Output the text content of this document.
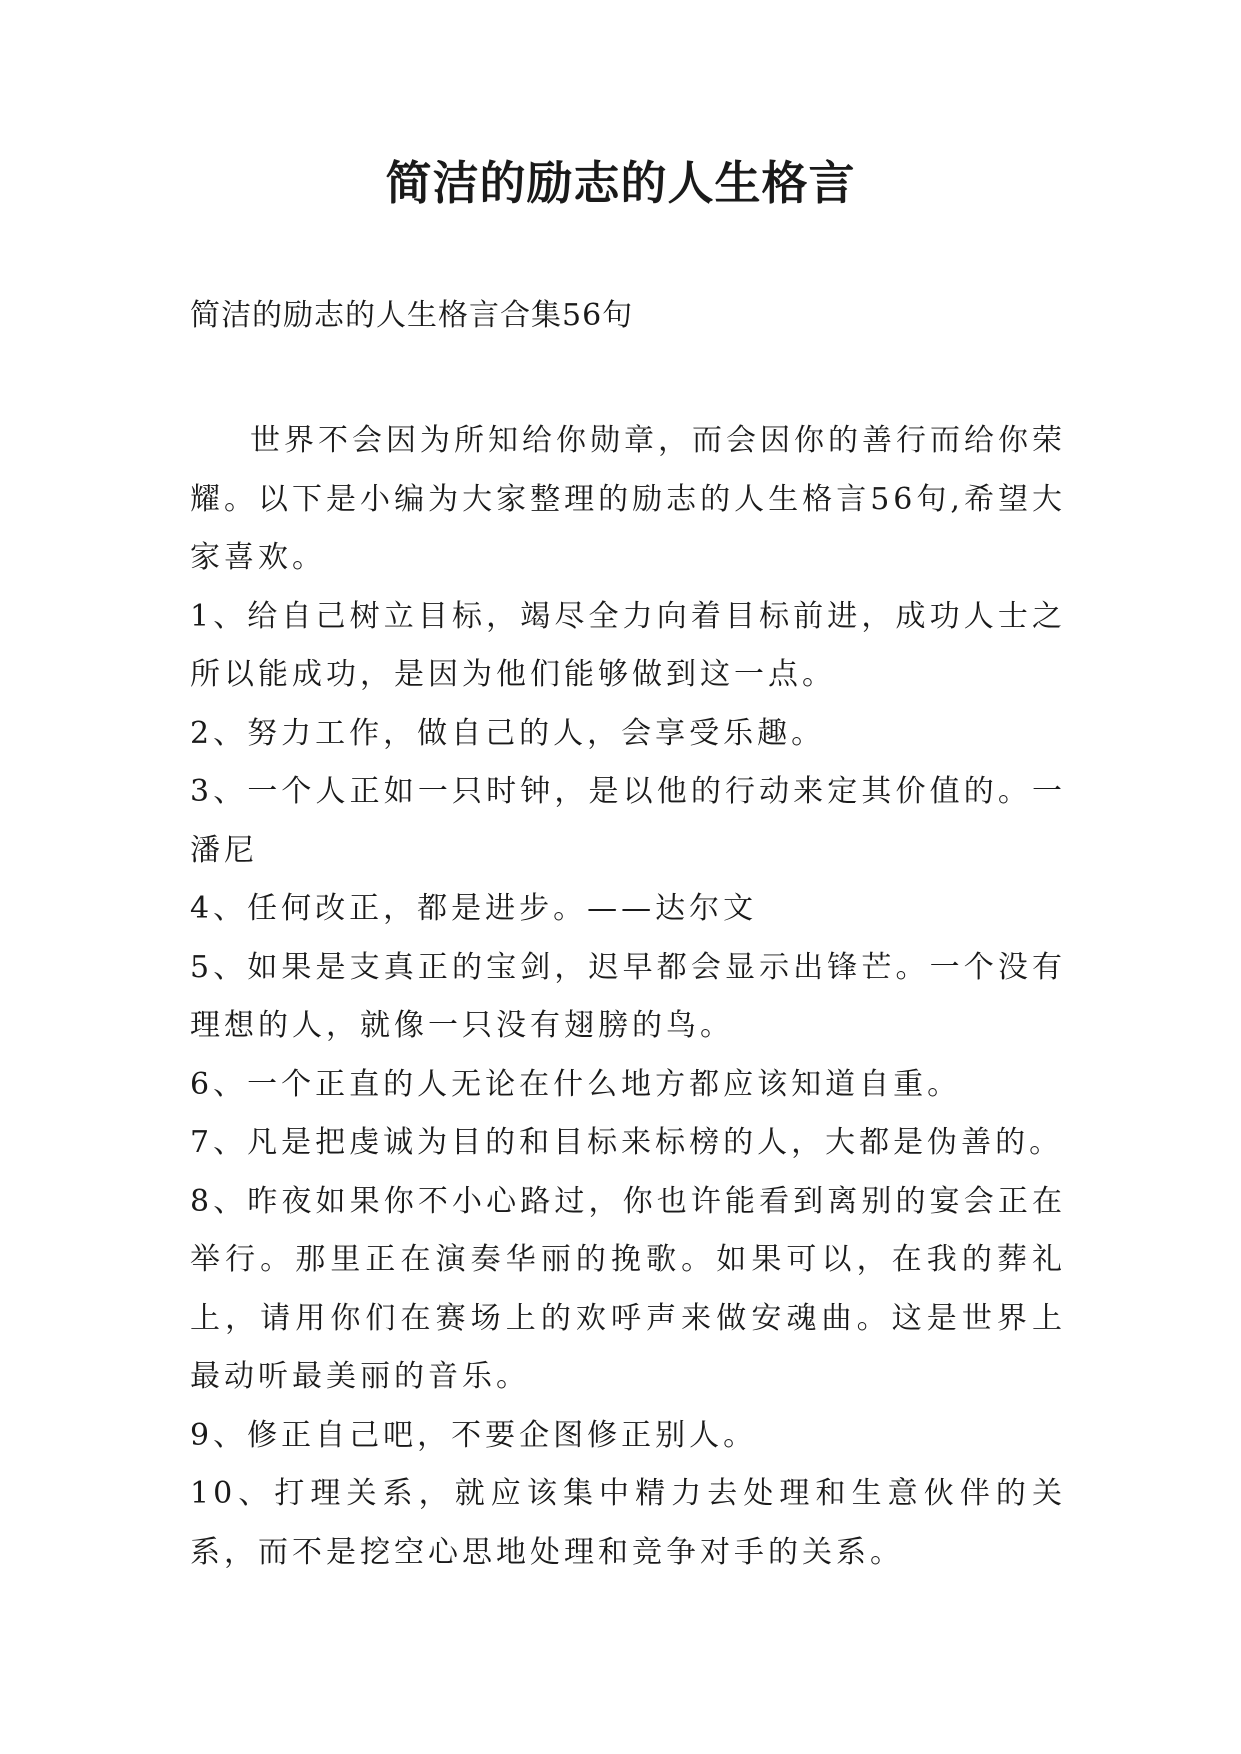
简洁的励志的人生格言

简洁的励志的人生格言合集56句

世界不会因为所知给你勋章，而会因你的善行而给你荣耀。以下是小编为大家整理的励志的人生格言56句,希望大家喜欢。

1、给自己树立目标，竭尽全力向着目标前进，成功人士之所以能成功，是因为他们能够做到这一点。

2、努力工作，做自己的人，会享受乐趣。

3、一个人正如一只时钟，是以他的行动来定其价值的。一潘尼

4、任何改正，都是进步。——达尔文

5、如果是支真正的宝剑，迟早都会显示出锋芒。一个没有理想的人，就像一只没有翅膀的鸟。

6、一个正直的人无论在什么地方都应该知道自重。

7、凡是把虔诚为目的和目标来标榜的人，大都是伪善的。

8、昨夜如果你不小心路过，你也许能看到离别的宴会正在举行。那里正在演奏华丽的挽歌。如果可以，在我的葬礼上，请用你们在赛场上的欢呼声来做安魂曲。这是世界上最动听最美丽的音乐。

9、修正自己吧，不要企图修正别人。

10、打理关系，就应该集中精力去处理和生意伙伴的关系，而不是挖空心思地处理和竞争对手的关系。
